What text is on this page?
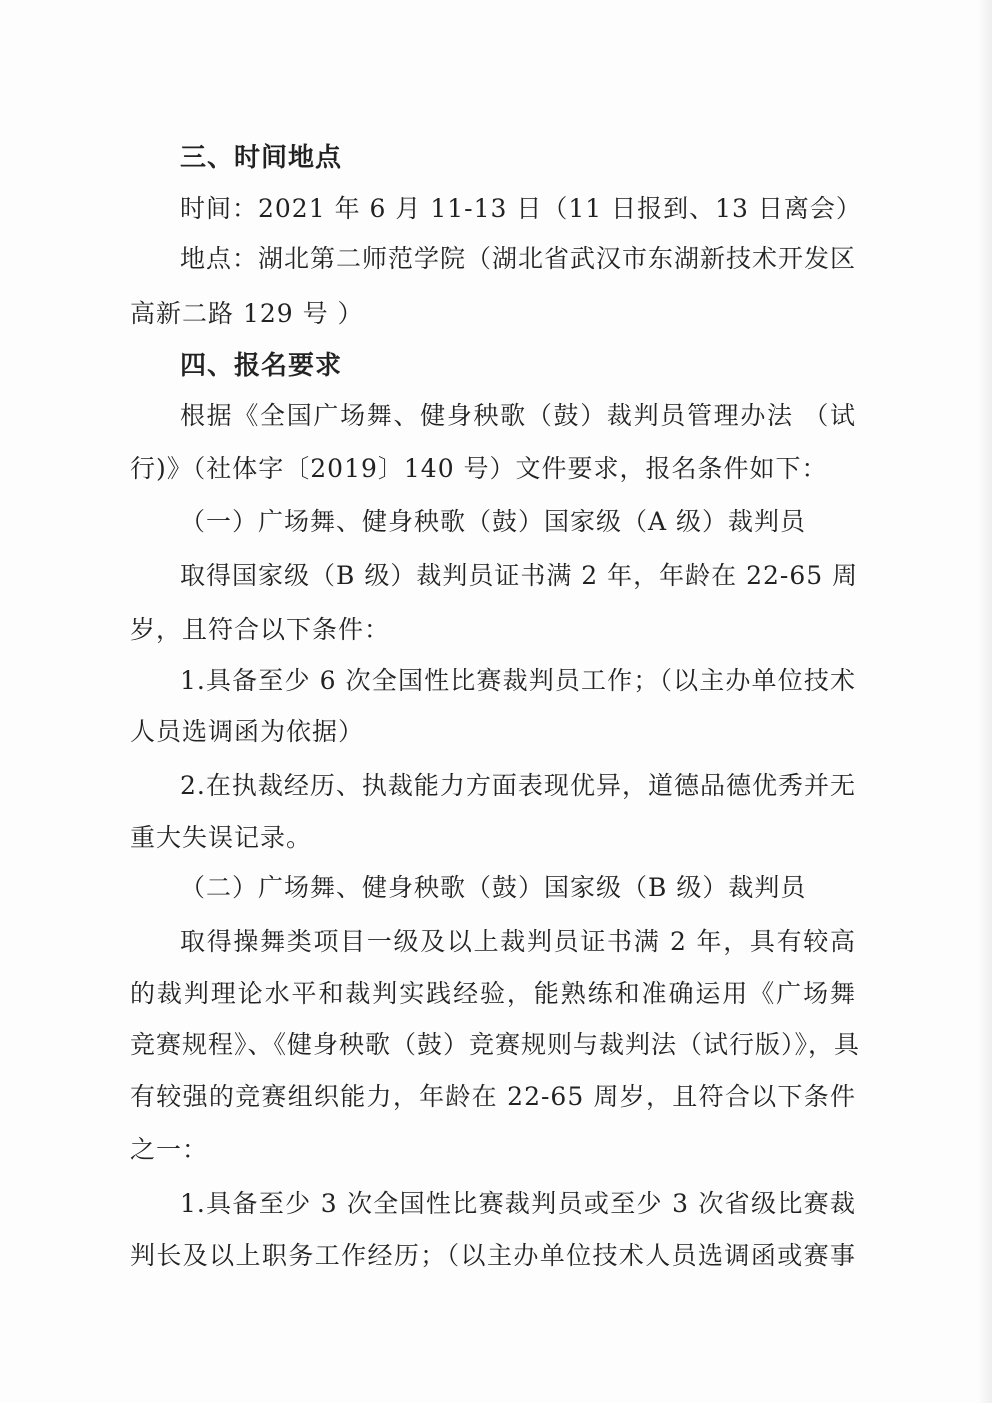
三、时间地点
时间：2021 年 6 月 11-13 日（11 日报到、13 日离会）
地点：湖北第二师范学院（湖北省武汉市东湖新技术开发区
高新二路 129 号 ）
四、报名要求
根据《全国广场舞、健身秧歌（鼓）裁判员管理办法 （试
行)》（社体字〔2019〕140 号）文件要求，报名条件如下：
（一）广场舞、健身秧歌（鼓）国家级（A 级）裁判员
取得国家级（B 级）裁判员证书满 2 年，年龄在 22-65 周
岁，且符合以下条件：
1.具备至少 6 次全国性比赛裁判员工作；（以主办单位技术
人员选调函为依据）
2.在执裁经历、执裁能力方面表现优异，道德品德优秀并无
重大失误记录。
（二）广场舞、健身秧歌（鼓）国家级（B 级）裁判员
取得操舞类项目一级及以上裁判员证书满 2 年，具有较高
的裁判理论水平和裁判实践经验，能熟练和准确运用《广场舞
竞赛规程》、《健身秧歌（鼓）竞赛规则与裁判法（试行版）》，具
有较强的竞赛组织能力，年龄在 22-65 周岁，且符合以下条件
之一：
1.具备至少 3 次全国性比赛裁判员或至少 3 次省级比赛裁
判长及以上职务工作经历；（以主办单位技术人员选调函或赛事
